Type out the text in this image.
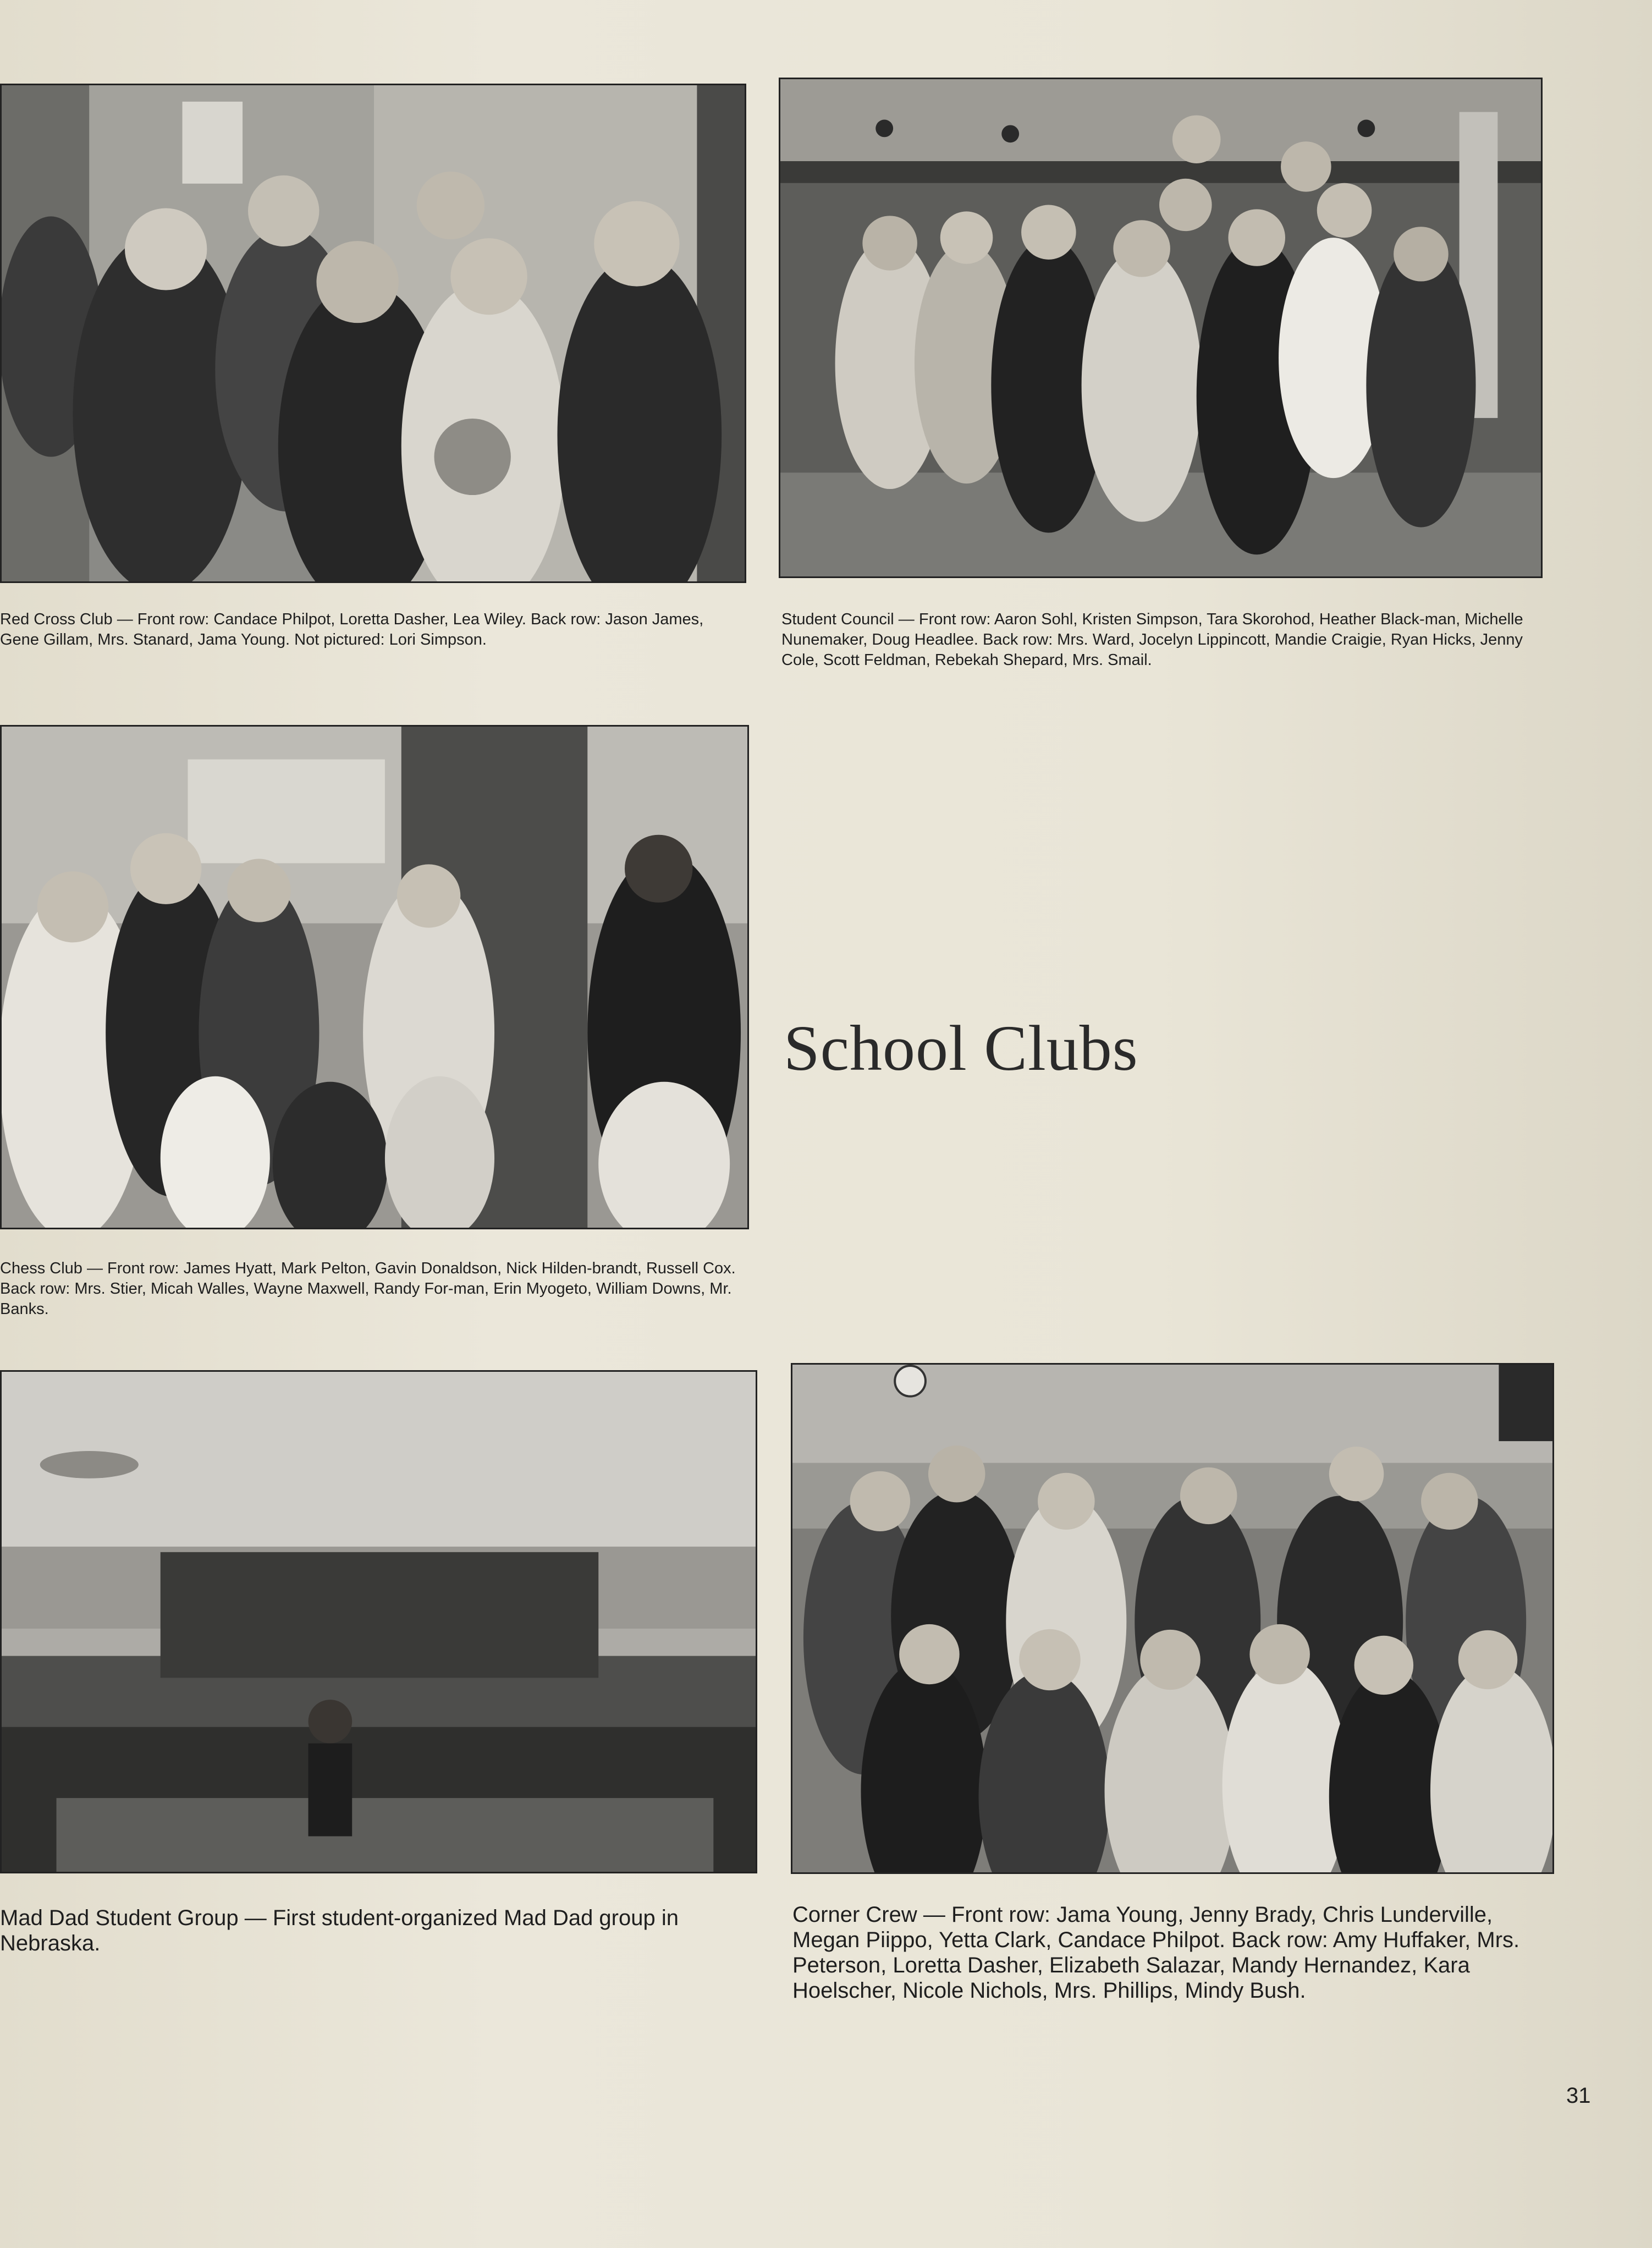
Red Cross Club — Front row: Candace Philpot, Loretta Dasher, Lea Wiley. Back row: Jason James, Gene Gillam, Mrs. Stanard, Jama Young. Not pictured: Lori Simpson.

Student Council — Front row: Aaron Sohl, Kristen Simpson, Tara Skorohod, Heather Black-man, Michelle Nunemaker, Doug Headlee. Back row: Mrs. Ward, Jocelyn Lippincott, Mandie Craigie, Ryan Hicks, Jenny Cole, Scott Feldman, Rebekah Shepard, Mrs. Smail.

Chess Club — Front row: James Hyatt, Mark Pelton, Gavin Donaldson, Nick Hilden-brandt, Russell Cox. Back row: Mrs. Stier, Micah Walles, Wayne Maxwell, Randy For-man, Erin Myogeto, William Downs, Mr. Banks.

School Clubs

Mad Dad Student Group — First student-organized Mad Dad group in Nebraska.

Corner Crew — Front row: Jama Young, Jenny Brady, Chris Lunderville, Megan Piippo, Yetta Clark, Candace Philpot. Back row: Amy Huffaker, Mrs. Peterson, Loretta Dasher, Elizabeth Salazar, Mandy Hernandez, Kara Hoelscher, Nicole Nichols, Mrs. Phillips, Mindy Bush.

31
